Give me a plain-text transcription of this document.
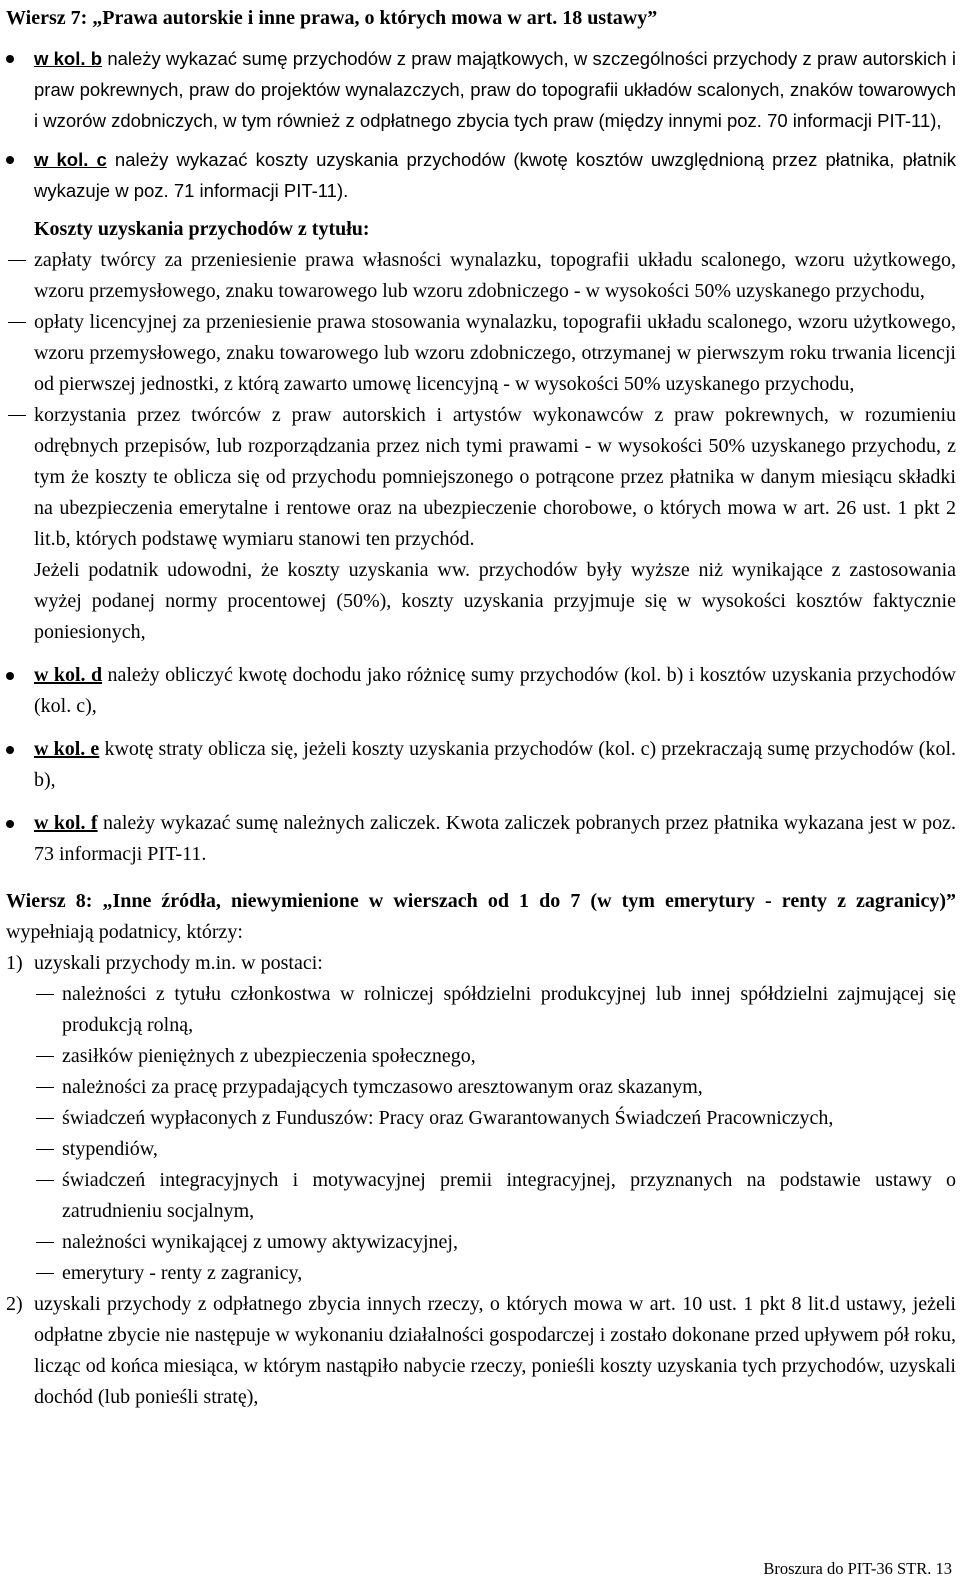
Wiersz 7: „Prawa autorskie i inne prawa, o których mowa w art. 18 ustawy”
w kol. b należy wykazać sumę przychodów z praw majątkowych, w szczególności przychody z praw autorskich i praw pokrewnych, praw do projektów wynalazczych, praw do topografii układów scalonych, znaków towarowych i wzorów zdobniczych, w tym również z odpłatnego zbycia tych praw (między innymi poz. 70 informacji PIT-11),
w kol. c należy wykazać koszty uzyskania przychodów (kwotę kosztów uwzględnioną przez płatnika, płatnik wykazuje w poz. 71 informacji PIT-11).
Koszty uzyskania przychodów z tytułu:
zapłaty twórcy za przeniesienie prawa własności wynalazku, topografii układu scalonego, wzoru użytkowego, wzoru przemysłowego, znaku towarowego lub wzoru zdobniczego - w wysokości 50% uzyskanego przychodu,
opłaty licencyjnej za przeniesienie prawa stosowania wynalazku, topografii układu scalonego, wzoru użytkowego, wzoru przemysłowego, znaku towarowego lub wzoru zdobniczego, otrzymanej w pierwszym roku trwania licencji od pierwszej jednostki, z którą zawarto umowę licencyjną - w wysokości 50% uzyskanego przychodu,
korzystania przez twórców z praw autorskich i artystów wykonawców z praw pokrewnych, w rozumieniu odrębnych przepisów, lub rozporządzania przez nich tymi prawami - w wysokości 50% uzyskanego przychodu, z tym że koszty te oblicza się od przychodu pomniejszonego o potrącone przez płatnika w danym miesiącu składki na ubezpieczenia emerytalne i rentowe oraz na ubezpieczenie chorobowe, o których mowa w art. 26 ust. 1 pkt 2 lit.b, których podstawę wymiaru stanowi ten przychód.
Jeżeli podatnik udowodni, że koszty uzyskania ww. przychodów były wyższe niż wynikające z zastosowania wyżej podanej normy procentowej (50%), koszty uzyskania przyjmuje się w wysokości kosztów faktycznie poniesionych,
w kol. d należy obliczyć kwotę dochodu jako różnicę sumy przychodów (kol. b) i kosztów uzyskania przychodów (kol. c),
w kol. e kwotę straty oblicza się, jeżeli koszty uzyskania przychodów (kol. c) przekraczają sumę przychodów (kol. b),
w kol. f należy wykazać sumę należnych zaliczek. Kwota zaliczek pobranych przez płatnika wykazana jest w poz. 73 informacji PIT-11.
Wiersz 8: „Inne źródła, niewymienione w wierszach od 1 do 7 (w tym emerytury - renty z zagranicy)” wypełniają podatnicy, którzy:
1) uzyskali przychody m.in. w postaci:
należności z tytułu członkostwa w rolniczej spółdzielni produkcyjnej lub innej spółdzielni zajmującej się produkcją rolną,
zasiłków pieniężnych z ubezpieczenia społecznego,
należności za pracę przypadających tymczasowo aresztowanym oraz skazanym,
świadczeń wypłaconych z Funduszów: Pracy oraz Gwarantowanych Świadczeń Pracowniczych,
stypendiów,
świadczeń integracyjnych i motywacyjnej premii integracyjnej, przyznanych na podstawie ustawy o zatrudnieniu socjalnym,
należności wynikającej z umowy aktywizacyjnej,
emerytury - renty z zagranicy,
2) uzyskali przychody z odpłatnego zbycia innych rzeczy, o których mowa w art. 10 ust. 1 pkt 8 lit.d ustawy, jeżeli odpłatne zbycie nie następuje w wykonaniu działalności gospodarczej i zostało dokonane przed upływem pół roku, licząc od końca miesiąca, w którym nastąpiło nabycie rzeczy, ponieśli koszty uzyskania tych przychodów, uzyskali dochód (lub ponieśli stratę),
Broszura do PIT-36 STR. 13
